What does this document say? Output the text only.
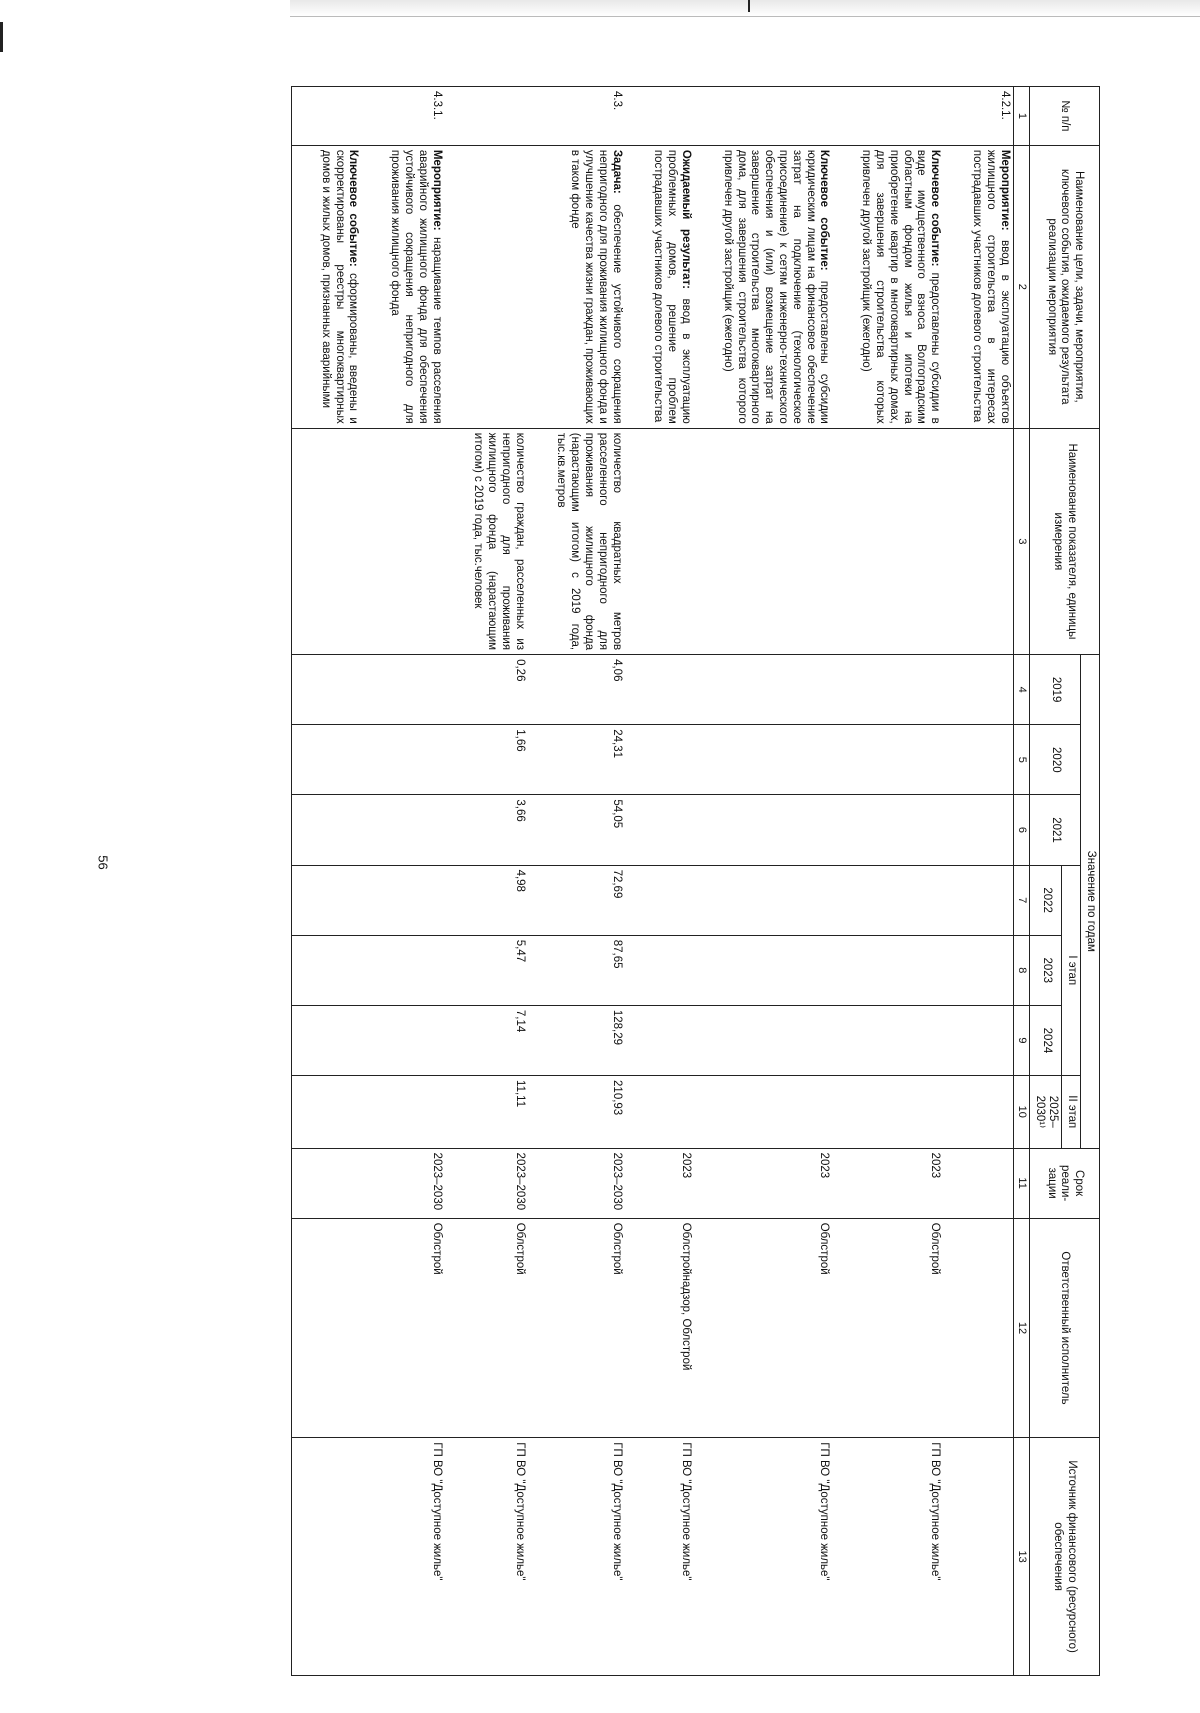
56
№ п/п	Наименование цели, задачи, мероприятия, ключевого события, ожидаемого результата реализации мероприятия	Наименование показателя, единицы измерения	Значение по годам							Срок реали-зации	Ответственный исполнитель	Источник финансового (ресурсного) обеспечения
			2019	2020	2021	I этап			II этап			
						2022	2023	2024	2025–2030¹⁾			
1	2	3	4	5	6	7	8	9	10	11	12	13
4.2.1.	Мероприятие: ввод в эксплуатацию объектов жилищного строительства в интересах пострадавших участников долевого строительства											

	Ключевое событие: предоставлены субсидии в виде имущественного взноса Волгоградским областным фондом жилья и ипотеки на приобретение квартир в многоквартирных домах, для завершения строительства которых привлечен другой застройщик (ежегодно)									2023	Облстрой	ГП ВО "Доступное жилье"

	Ключевое событие: предоставлены субсидии юридическим лицам на финансовое обеспечение затрат на подключение (технологическое присоединение) к сетям инженерно-технического обеспечения и (или) возмещение затрат на завершение строительства многоквартирного дома, для завершения строительства которого привлечен другой застройщик (ежегодно)									2023	Облстрой	ГП ВО "Доступное жилье"

	Ожидаемый результат: ввод в эксплуатацию проблемных домов, решение проблем пострадавших участников долевого строительства									2023	Облстройнадзор, Облстрой	ГП ВО "Доступное жилье"

4.3.	Задача: обеспечение устойчивого сокращения непригодного для проживания жилищного фонда и улучшение качества жизни граждан, проживающих в таком фонде	количество квадратных метров расселенного непригодного для проживания жилищного фонда (нарастающим итогом) с 2019 года, тыс.кв.метров	4,06	24,31	54,05	72,69	87,65	128,29	210,93	2023–2030	Облстрой	ГП ВО "Доступное жилье"

		количество граждан, расселенных из непригодного для проживания жилищного фонда (нарастающим итогом) с 2019 года, тыс.человек	0,26	1,66	3,66	4,98	5,47	7,14	11,11	2023–2030	Облстрой	ГП ВО "Доступное жилье"

4.3.1.	Мероприятие: наращивание темпов расселения аварийного жилищного фонда для обеспечения устойчивого сокращения непригодного для проживания жилищного фонда									2023–2030	Облстрой	ГП ВО "Доступное жилье"

	Ключевое событие: сформированы, введены и скорректированы реестры многоквартирных домов и жилых домов, признанных аварийными											
